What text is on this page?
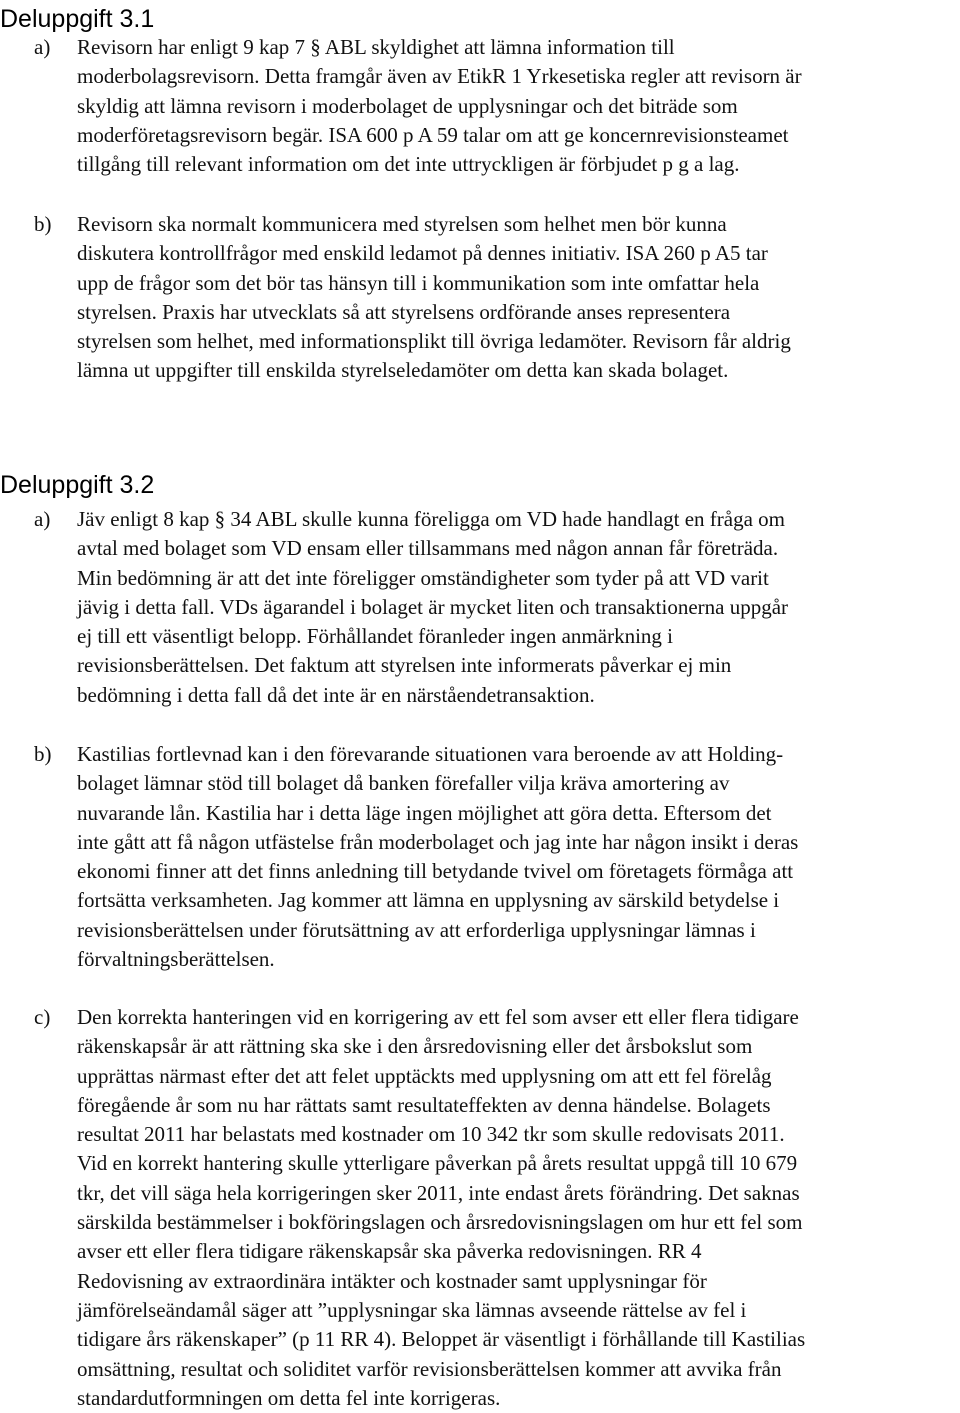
Deluppgift 3.1
a) Revisorn har enligt 9 kap 7 § ABL skyldighet att lämna information till
moderbolagsrevisorn. Detta framgår även av EtikR 1 Yrkesetiska regler att revisorn är
skyldig att lämna revisorn i moderbolaget de upplysningar och det biträde som
moderföretagsrevisorn begär. ISA 600 p A 59 talar om att ge koncernrevisionsteamet
tillgång till relevant information om det inte uttryckligen är förbjudet p g a lag.
b) Revisorn ska normalt kommunicera med styrelsen som helhet men bör kunna
diskutera kontrollfrågor med enskild ledamot på dennes initiativ. ISA 260 p A5 tar
upp de frågor som det bör tas hänsyn till i kommunikation som inte omfattar hela
styrelsen. Praxis har utvecklats så att styrelsens ordförande anses representera
styrelsen som helhet, med informationsplikt till övriga ledamöter. Revisorn får aldrig
lämna ut uppgifter till enskilda styrelseledamöter om detta kan skada bolaget.
Deluppgift 3.2
a) Jäv enligt 8 kap § 34 ABL skulle kunna föreligga om VD hade handlagt en fråga om
avtal med bolaget som VD ensam eller tillsammans med någon annan får företräda.
Min bedömning är att det inte föreligger omständigheter som tyder på att VD varit
jävig i detta fall. VDs ägarandel i bolaget är mycket liten och transaktionerna uppgår
ej till ett väsentligt belopp. Förhållandet föranleder ingen anmärkning i
revisionsberättelsen. Det faktum att styrelsen inte informerats påverkar ej min
bedömning i detta fall då det inte är en närståendetransaktion.
b) Kastilias fortlevnad kan i den förevarande situationen vara beroende av att Holding-
bolaget lämnar stöd till bolaget då banken förefaller vilja kräva amortering av
nuvarande lån. Kastilia har i detta läge ingen möjlighet att göra detta. Eftersom det
inte gått att få någon utfästelse från moderbolaget och jag inte har någon insikt i deras
ekonomi finner att det finns anledning till betydande tvivel om företagets förmåga att
fortsätta verksamheten. Jag kommer att lämna en upplysning av särskild betydelse i
revisionsberättelsen under förutsättning av att erforderliga upplysningar lämnas i
förvaltningsberättelsen.
c) Den korrekta hanteringen vid en korrigering av ett fel som avser ett eller flera tidigare
räkenskapsår är att rättning ska ske i den årsredovisning eller det årsbokslut som
upprättas närmast efter det att felet upptäckts med upplysning om att ett fel förelåg
föregående år som nu har rättats samt resultateffekten av denna händelse. Bolagets
resultat 2011 har belastats med kostnader om 10 342 tkr som skulle redovisats 2011.
Vid en korrekt hantering skulle ytterligare påverkan på årets resultat uppgå till 10 679
tkr, det vill säga hela korrigeringen sker 2011, inte endast årets förändring. Det saknas
särskilda bestämmelser i bokföringslagen och årsredovisningslagen om hur ett fel som
avser ett eller flera tidigare räkenskapsår ska påverka redovisningen. RR 4
Redovisning av extraordinära intäkter och kostnader samt upplysningar för
jämförelseändamål säger att ”upplysningar ska lämnas avseende rättelse av fel i
tidigare års räkenskaper” (p 11 RR 4). Beloppet är väsentligt i förhållande till Kastilias
omsättning, resultat och soliditet varför revisionsberättelsen kommer att avvika från
standardutformningen om detta fel inte korrigeras.
